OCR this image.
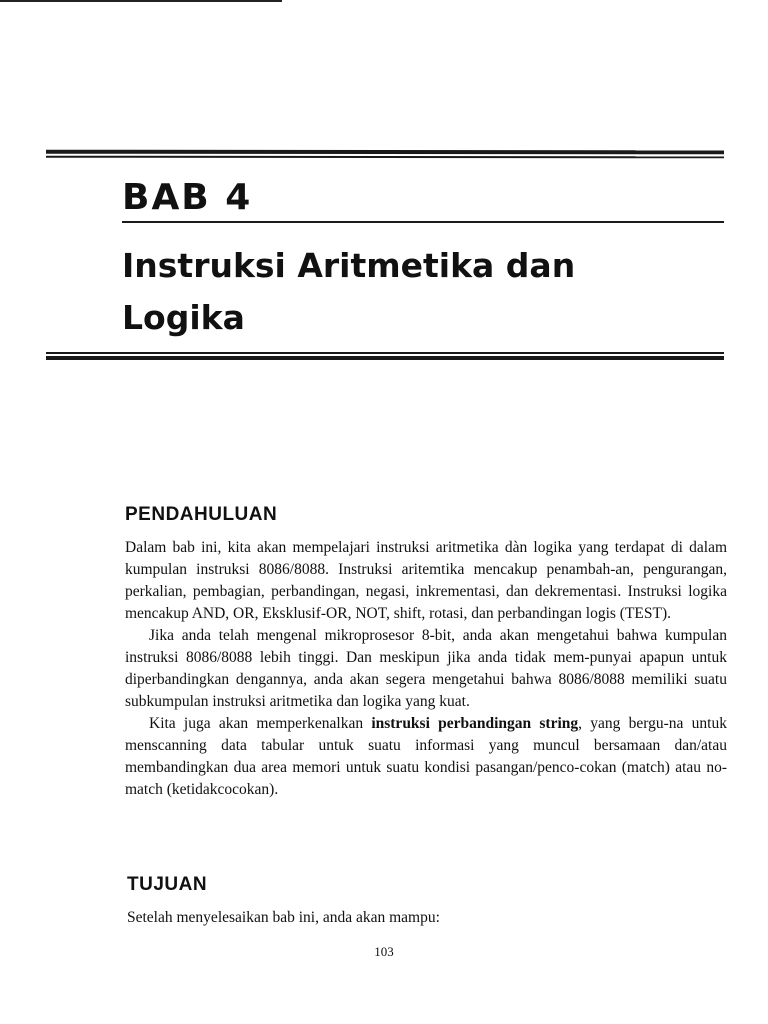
BAB 4
Instruksi Aritmetika dan
Logika
PENDAHULUAN

Dalam bab ini, kita akan mempelajari instruksi aritmetika dàn logika yang terdapat di dalam kumpulan instruksi 8086/8088. Instruksi aritemtika mencakup penambah-an, pengurangan, perkalian, pembagian, perbandingan, negasi, inkrementasi, dan dekrementasi. Instruksi logika mencakup AND, OR, Eksklusif-OR, NOT, shift, rotasi, dan perbandingan logis (TEST).

Jika anda telah mengenal mikroprosesor 8-bit, anda akan mengetahui bahwa kumpulan instruksi 8086/8088 lebih tinggi. Dan meskipun jika anda tidak mem-punyai apapun untuk diperbandingkan dengannya, anda akan segera mengetahui bahwa 8086/8088 memiliki suatu subkumpulan instruksi aritmetika dan logika yang kuat.

Kita juga akan memperkenalkan instruksi perbandingan string, yang bergu-na untuk menscanning data tabular untuk suatu informasi yang muncul bersamaan dan/atau membandingkan dua area memori untuk suatu kondisi pasangan/penco-cokan (match) atau no-match (ketidakcocokan).

TUJUAN
Setelah menyelesaikan bab ini, anda akan mampu:
103
